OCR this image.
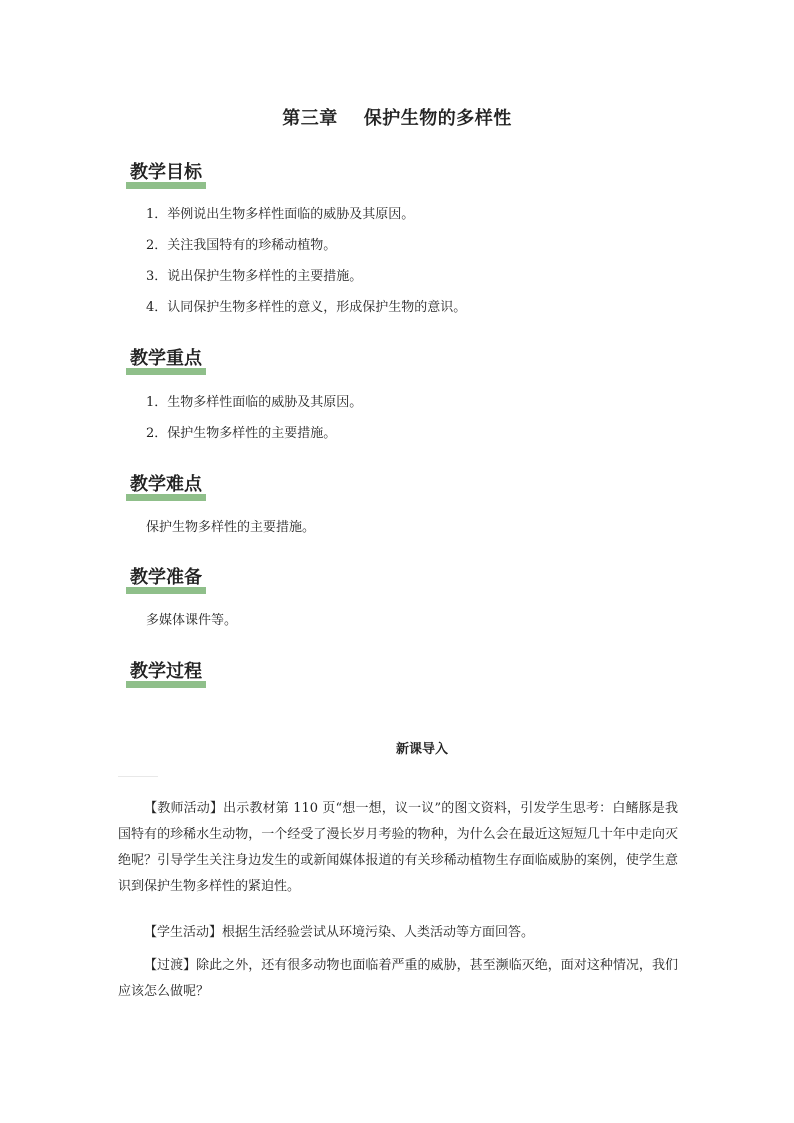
第三章 保护生物的多样性
教学目标
1．举例说出生物多样性面临的威胁及其原因。
2．关注我国特有的珍稀动植物。
3．说出保护生物多样性的主要措施。
4．认同保护生物多样性的意义，形成保护生物的意识。
教学重点
1．生物多样性面临的威胁及其原因。
2．保护生物多样性的主要措施。
教学难点
保护生物多样性的主要措施。
教学准备
多媒体课件等。
教学过程
新课导入
【教师活动】出示教材第 110 页“想一想，议一议”的图文资料，引发学生思考：白鳍豚是我国特有的珍稀水生动物，一个经受了漫长岁月考验的物种，为什么会在最近这短短几十年中走向灭绝呢？引导学生关注身边发生的或新闻媒体报道的有关珍稀动植物生存面临威胁的案例，使学生意识到保护生物多样性的紧迫性。
【学生活动】根据生活经验尝试从环境污染、人类活动等方面回答。
【过渡】除此之外，还有很多动物也面临着严重的威胁，甚至濒临灭绝，面对这种情况，我们应该怎么做呢？
